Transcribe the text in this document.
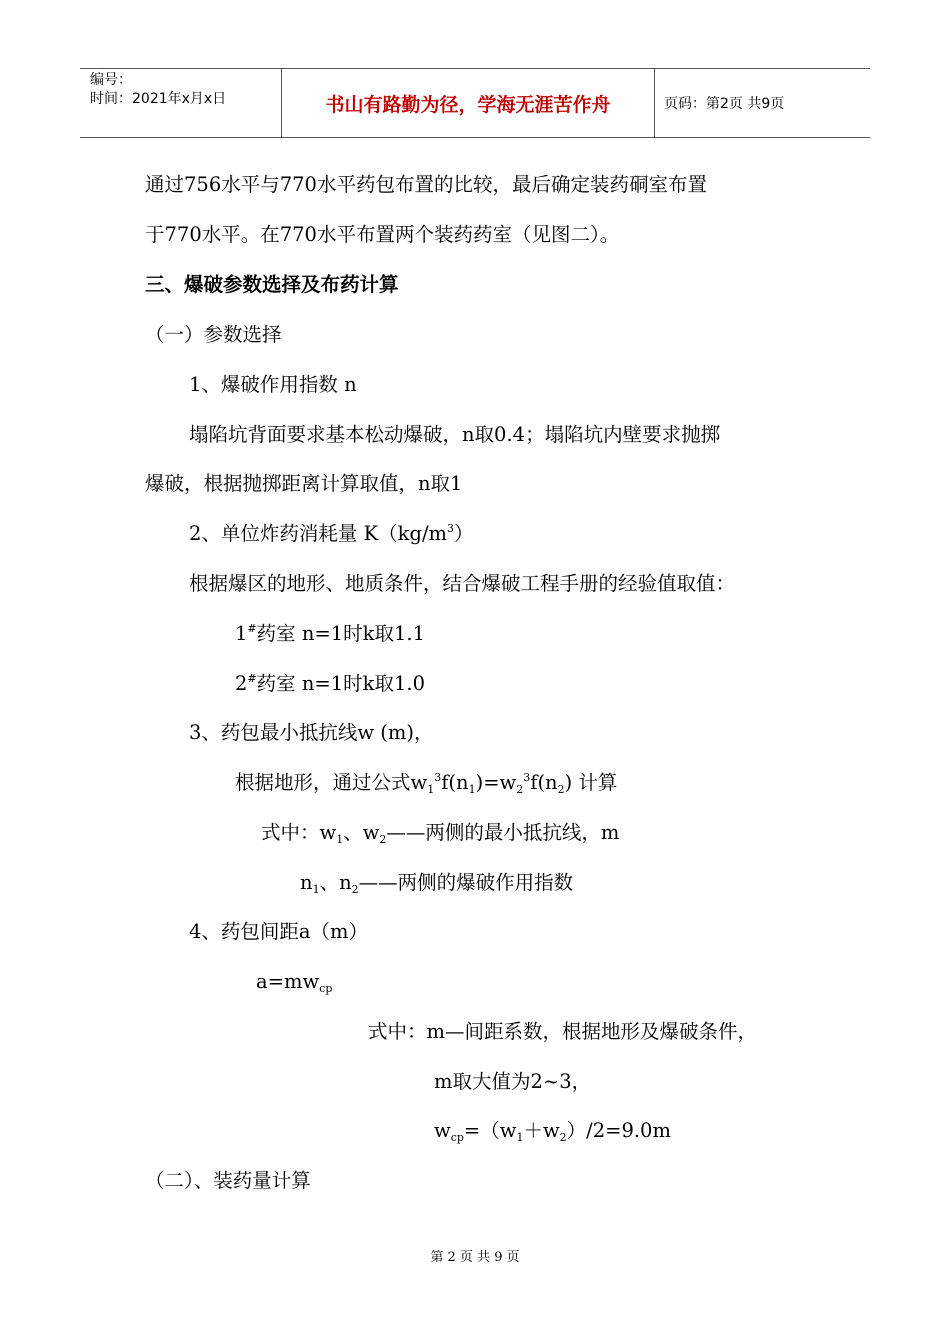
编号：
时间：2021年x月x日	书山有路勤为径，学海无涯苦作舟	页码：第2页 共9页
通过756水平与770水平药包布置的比较，最后确定装药硐室布置
于770水平。在770水平布置两个装药药室（见图二）。
三、爆破参数选择及布药计算
（一）参数选择
1、爆破作用指数 n
塌陷坑背面要求基本松动爆破，n取0.4；塌陷坑内壁要求抛掷
爆破，根据抛掷距离计算取值，n取1
2、单位炸药消耗量 $K(kg/m^3)$
根据爆区的地形、地质条件，结合爆破工程手册的经验值取值：
1#药室 n=1时k取1.1
2#药室 n=1时k取1.0
3、药包最小抵抗线w (m)，
根据地形，通过公式$w_1^3f(n_1)=w_2^3f(n_2)$ 计算
式中：$w_1$、$w_2——$两侧的最小抵抗线，m
$n_1$、$n_2——$两侧的爆破作用指数
4、药包间距a（m）
$a=mw_{cp}$
式中：m—间距系数，根据地形及爆破条件，
m取大值为2~3，
$w_{cp}=(w_1+w_2)/2=9.0m$
（二）、装药量计算
第 2 页 共 9 页
